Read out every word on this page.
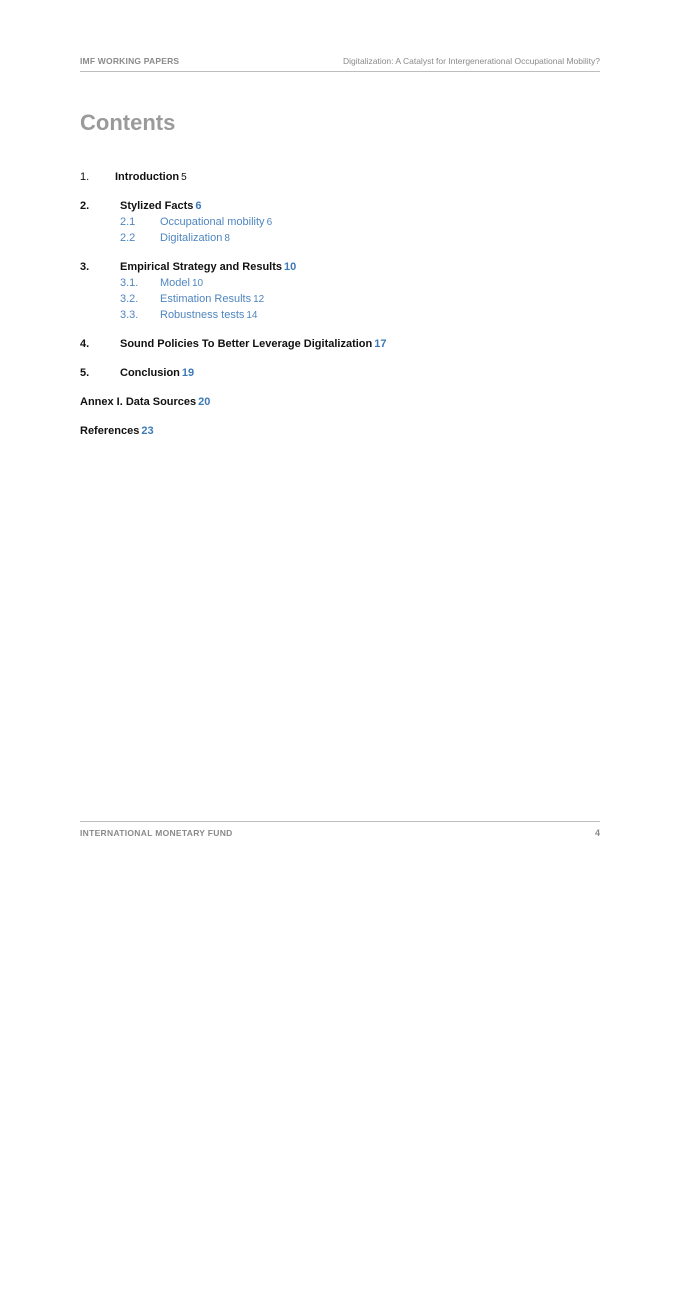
IMF WORKING PAPERS	Digitalization: A Catalyst for Intergenerational Occupational Mobility?
Contents
1. Introduction 5
2.	Stylized Facts 6
2.1 Occupational mobility 6
2.2 Digitalization 8
3.	Empirical Strategy and Results 10
3.1. Model 10
3.2. Estimation Results 12
3.3. Robustness tests 14
4.	Sound Policies To Better Leverage Digitalization 17
5.	Conclusion 19
Annex I. Data Sources 20
References 23
INTERNATIONAL MONETARY FUND	4
